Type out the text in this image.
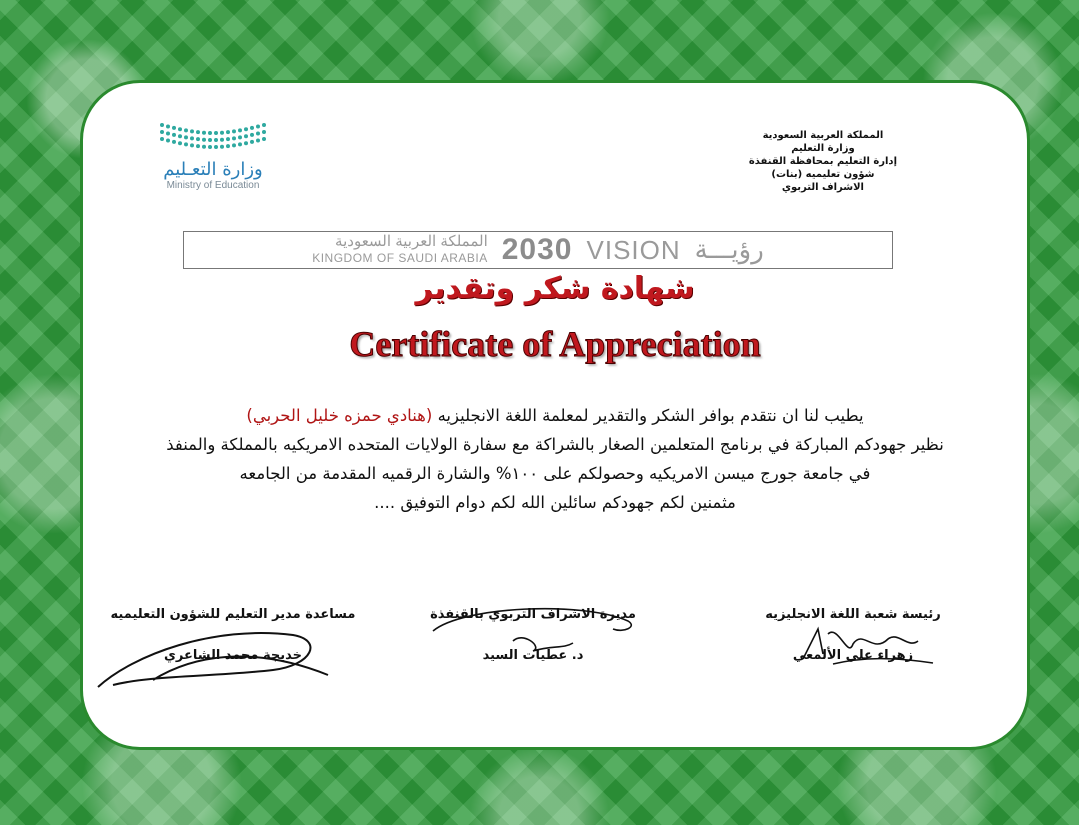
وزارة التعـليم
Ministry of Education
المملكة العربية السعودية
وزارة التعليم
إدارة التعليم بمحافظة القنفذة
شؤون تعليميه (بنات)
الاشراف التربوي
المملكة العربية السعودية
KINGDOM OF SAUDI ARABIA 2030 VISION رؤيـــة
شهادة شكر وتقدير
Certificate of Appreciation
يطيب لنا ان نتقدم بوافر الشكر والتقدير لمعلمة اللغة الانجليزيه (هنادي حمزه خليل الحربي)
نظير جهودكم المباركة في برنامج المتعلمين الصغار بالشراكة مع سفارة الولايات المتحده الامريكيه بالمملكة والمنفذ
في جامعة جورج ميسن الامريكيه وحصولكم على ١٠٠% والشارة الرقميه المقدمة من الجامعه
مثمنين لكم جهودكم سائلين الله لكم دوام التوفيق ....
مساعدة مدير التعليم للشؤون التعليميه
خديجة محمد الشاعري
مديرة الاشراف التربوي بالقنفذة
د. عطيات السيد
رئيسة شعبة اللغة الانجليزيه
زهراء علي الألمعي
